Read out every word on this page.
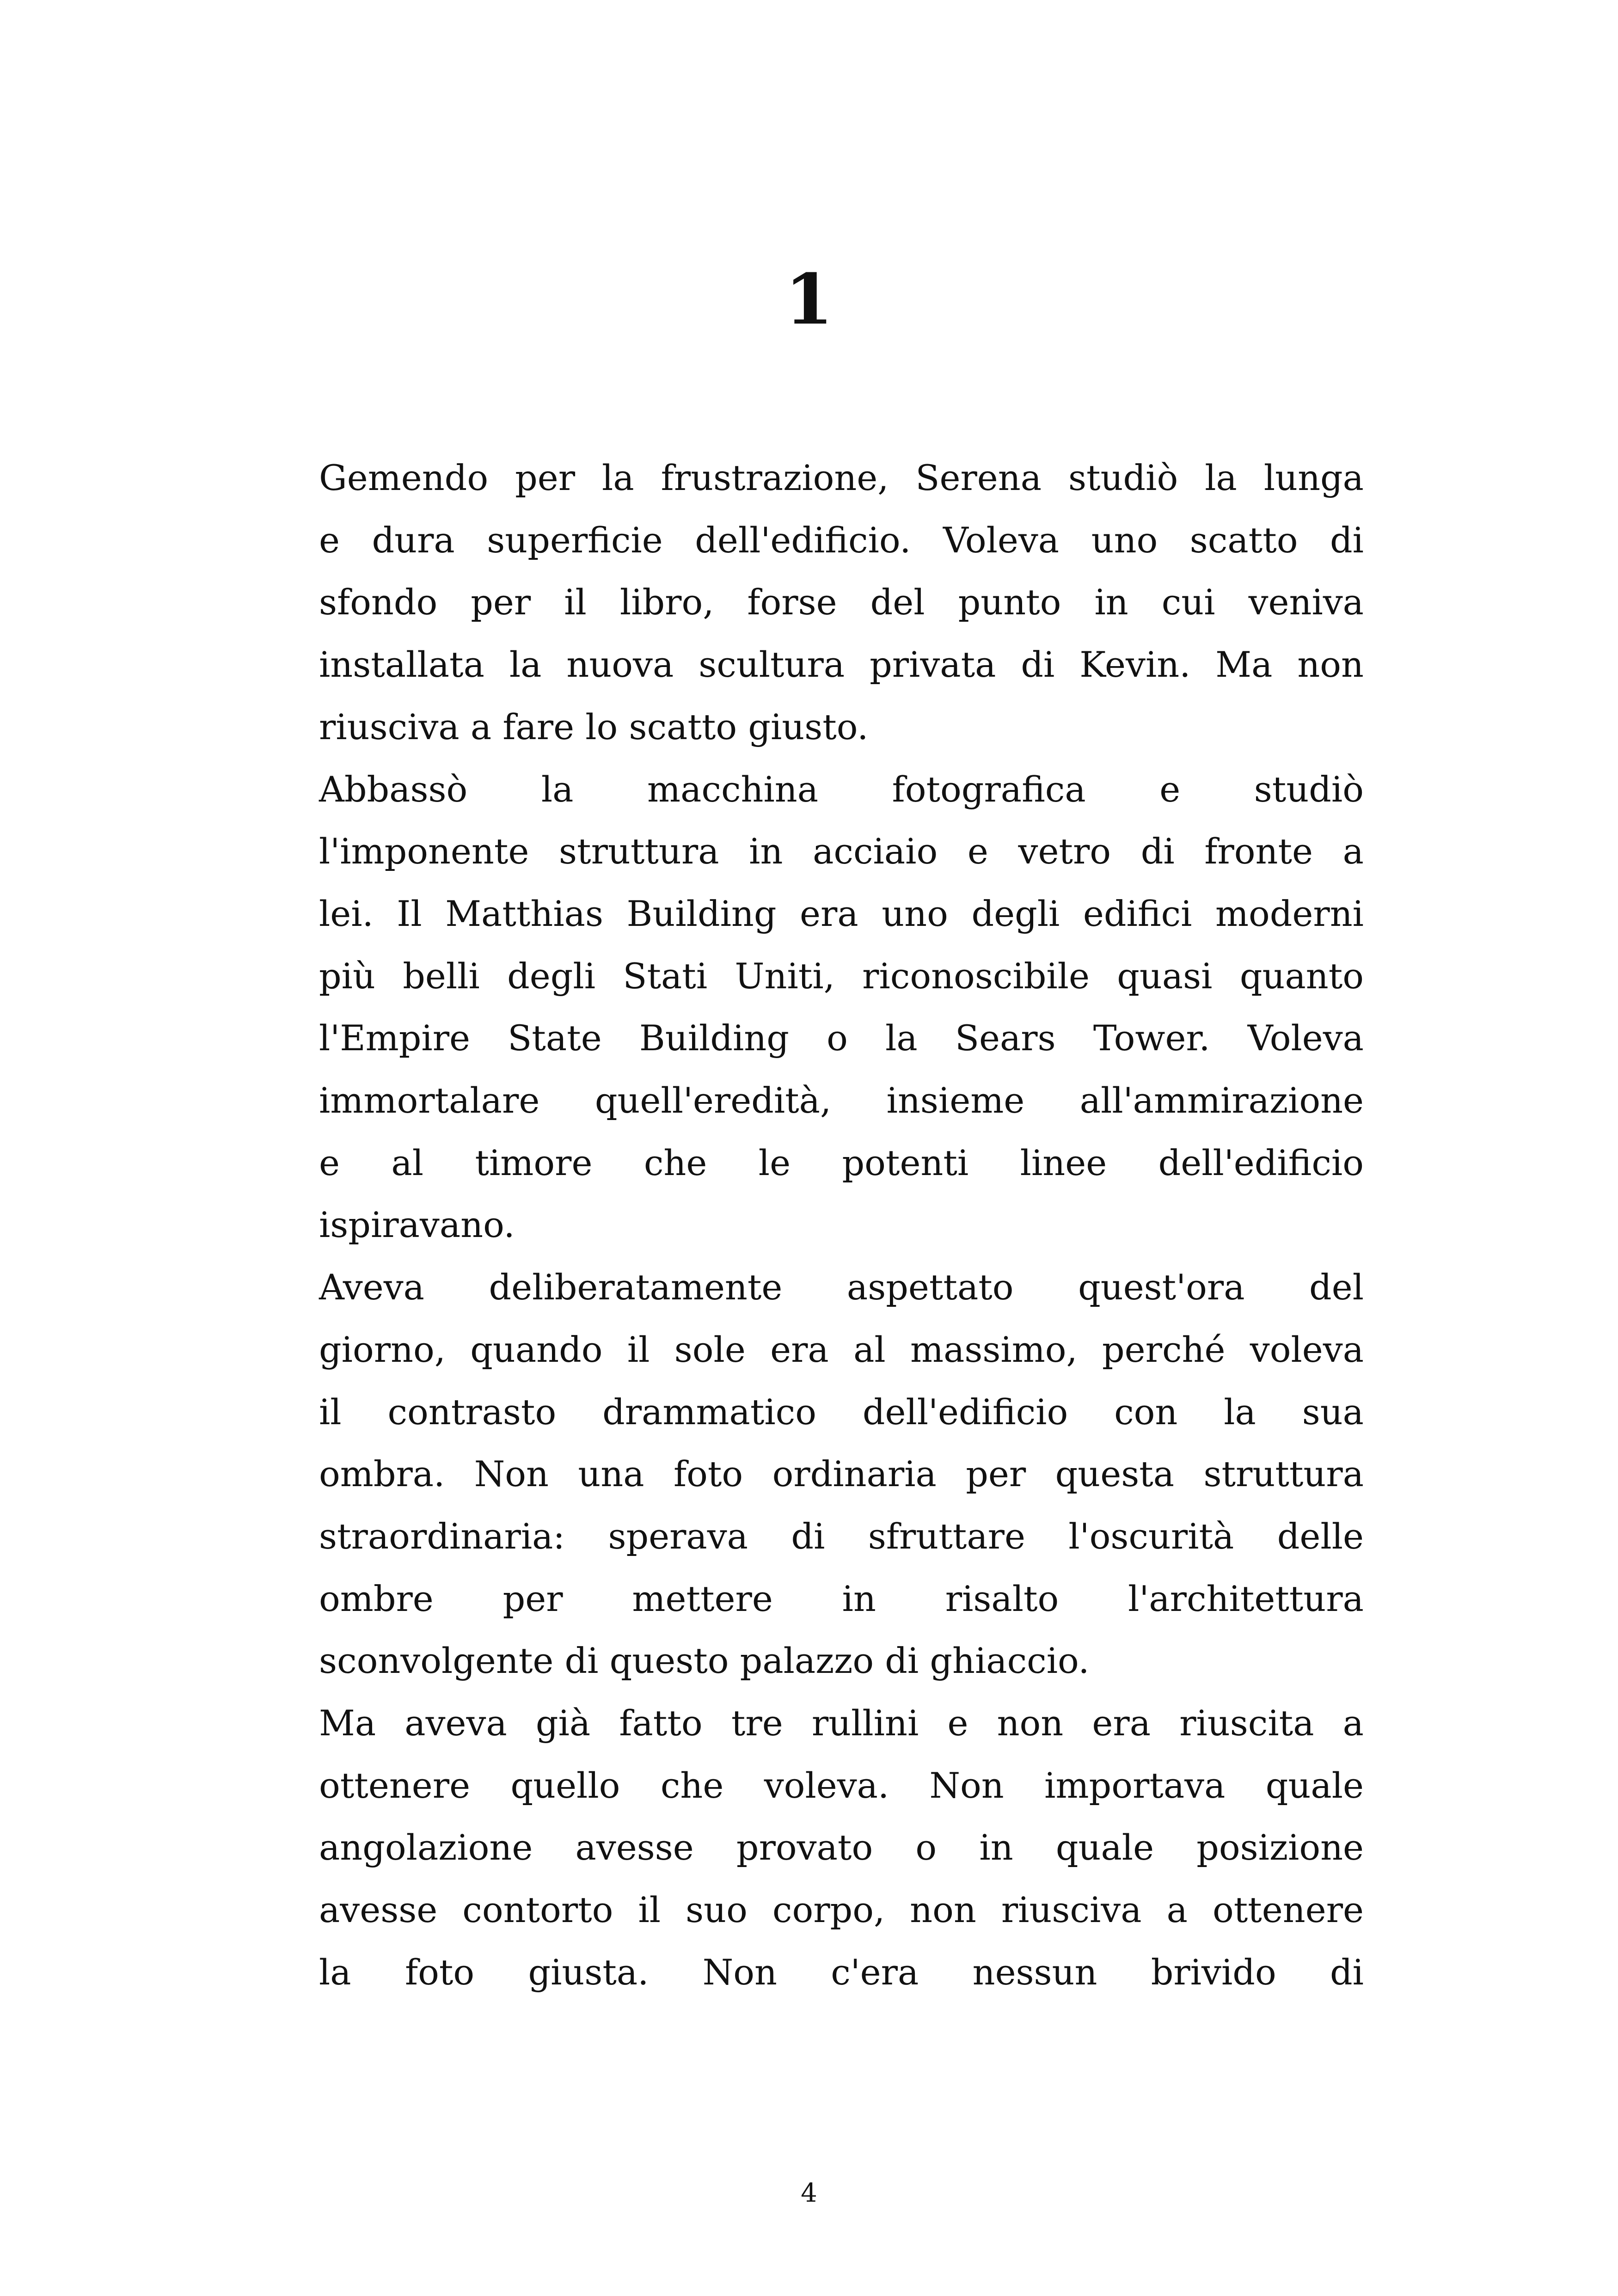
1

Gemendo per la frustrazione, Serena studiò la lunga
e dura superficie dell'edificio. Voleva uno scatto di
sfondo per il libro, forse del punto in cui veniva
installata la nuova scultura privata di Kevin. Ma non
riusciva a fare lo scatto giusto.

Abbassò la macchina fotografica e studiò
l'imponente struttura in acciaio e vetro di fronte a
lei. Il Matthias Building era uno degli edifici moderni
più belli degli Stati Uniti, riconoscibile quasi quanto
l'Empire State Building o la Sears Tower. Voleva
immortalare quell'eredità, insieme all'ammirazione
e al timore che le potenti linee dell'edificio
ispiravano.

Aveva deliberatamente aspettato quest'ora del
giorno, quando il sole era al massimo, perché voleva
il contrasto drammatico dell'edificio con la sua
ombra. Non una foto ordinaria per questa struttura
straordinaria: sperava di sfruttare l'oscurità delle
ombre per mettere in risalto l'architettura
sconvolgente di questo palazzo di ghiaccio.

Ma aveva già fatto tre rullini e non era riuscita a
ottenere quello che voleva. Non importava quale
angolazione avesse provato o in quale posizione
avesse contorto il suo corpo, non riusciva a ottenere
la foto giusta. Non c'era nessun brivido di

4
